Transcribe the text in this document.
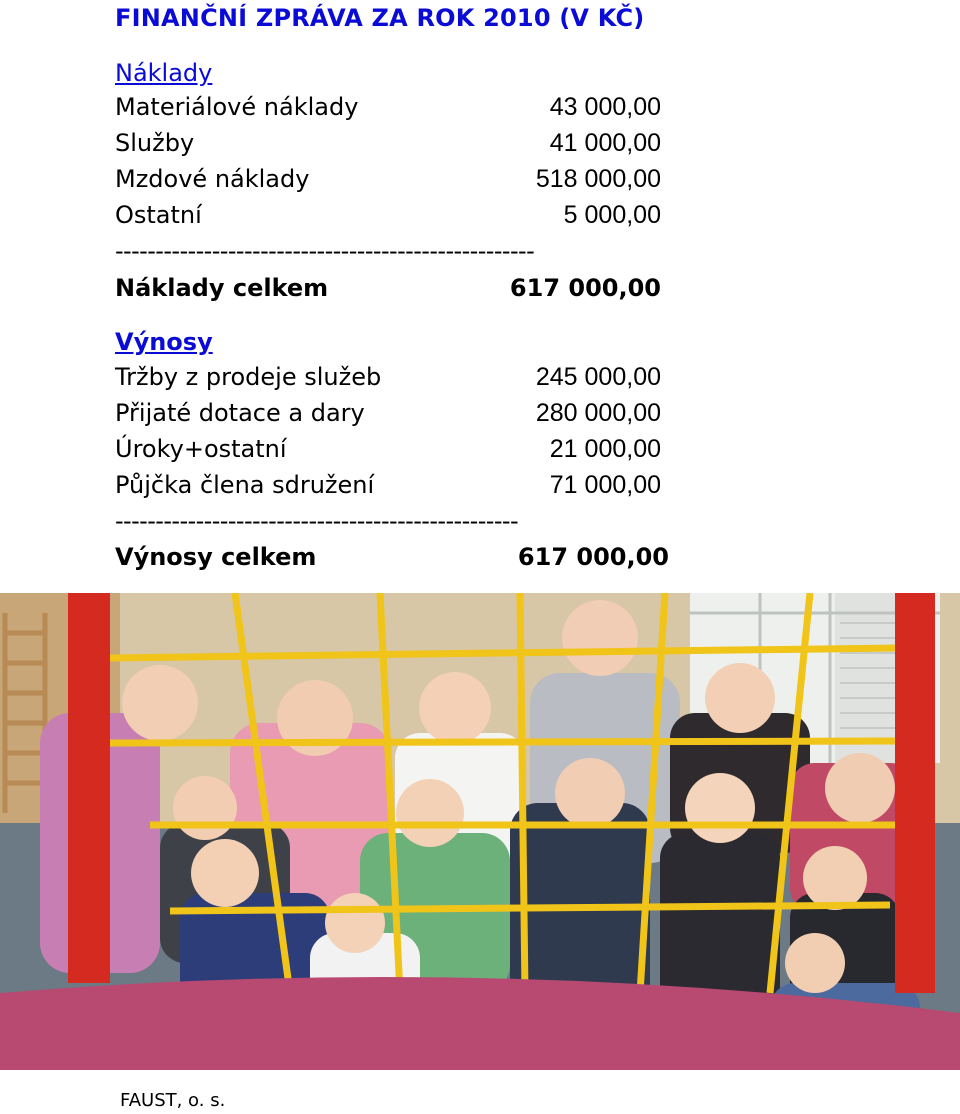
FINANČNÍ ZPRÁVA ZA ROK 2010 (V KČ)
Náklady
Materiálové náklady	43 000,00
Služby	41 000,00
Mzdové náklady	518 000,00
Ostatní	5 000,00
----------------------------------------------------
Náklady celkem	617 000,00
Výnosy
Tržby z prodeje služeb	245 000,00
Přijaté dotace a dary	280 000,00
Úroky+ostatní	21 000,00
Půjčka člena sdružení	71 000,00
--------------------------------------------------
Výnosy celkem	617 000,00
FAUST, o. s.
